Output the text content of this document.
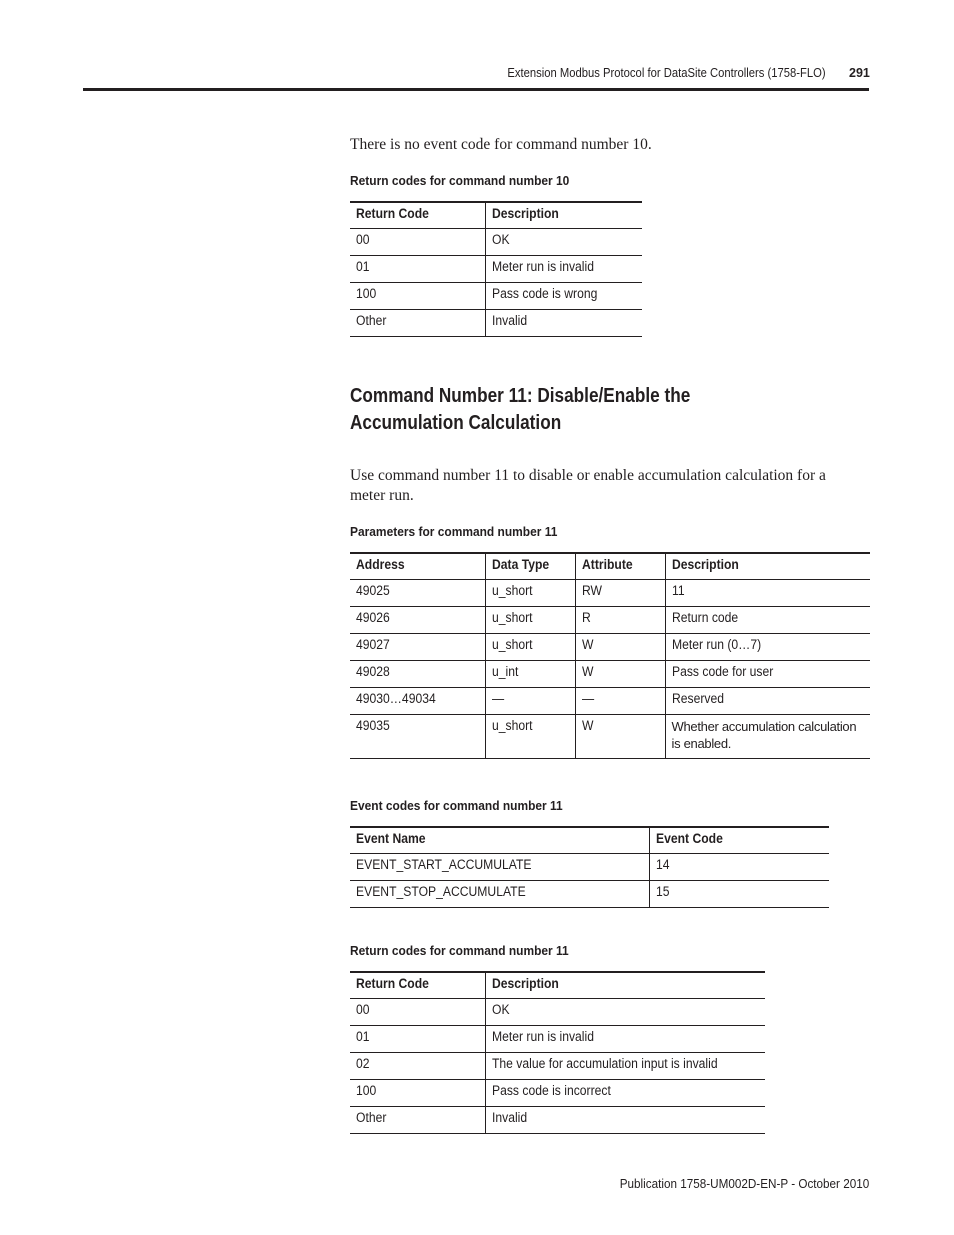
Extension Modbus Protocol for DataSite Controllers (1758-FLO) 291
There is no event code for command number 10.
Return codes for command number 10
Return Code	Description
00	OK
01	Meter run is invalid
100	Pass code is wrong
Other	Invalid
Command Number 11: Disable/Enable the Accumulation Calculation
Use command number 11 to disable or enable accumulation calculation for a meter run.
Parameters for command number 11
Address	Data Type	Attribute	Description
49025	u_short	RW	11
49026	u_short	R	Return code
49027	u_short	W	Meter run (0…7)
49028	u_int	W	Pass code for user
49030…49034	—	—	Reserved
49035	u_short	W	Whether accumulation calculation is enabled.
Event codes for command number 11
Event Name	Event Code
EVENT_START_ACCUMULATE	14
EVENT_STOP_ACCUMULATE	15
Return codes for command number 11
Return Code	Description
00	OK
01	Meter run is invalid
02	The value for accumulation input is invalid
100	Pass code is incorrect
Other	Invalid
Publication 1758-UM002D-EN-P - October 2010
